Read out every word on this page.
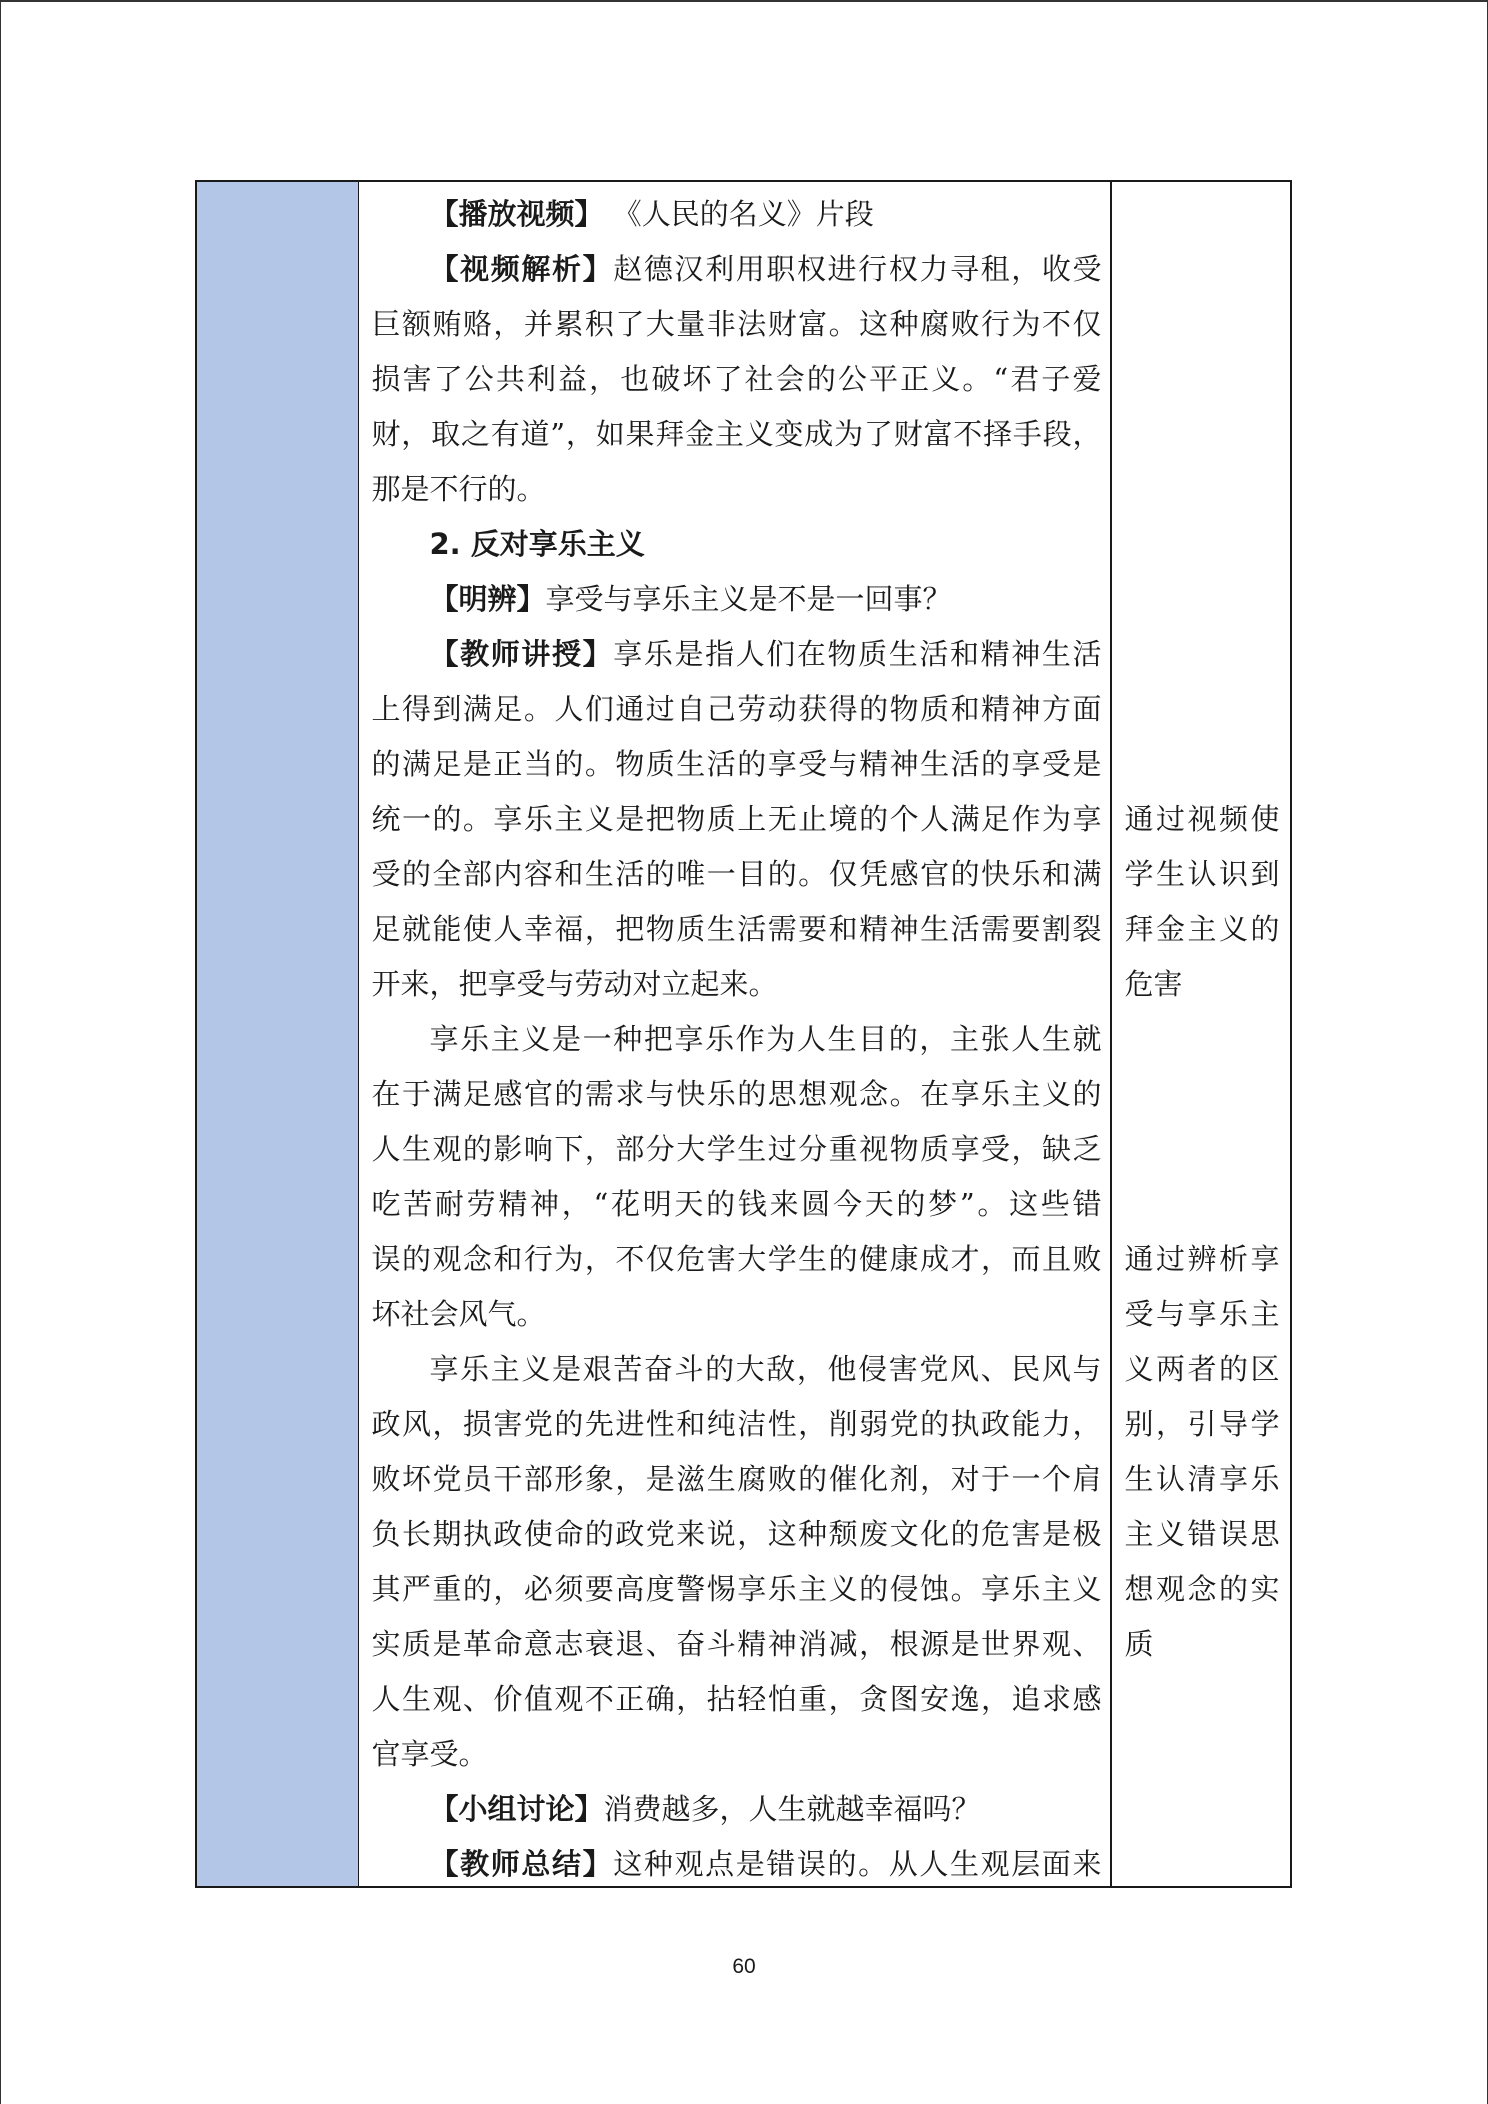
【播放视频】 《人民的名义》片段
【视频解析】赵德汉利用职权进行权力寻租，收受
巨额贿赂，并累积了大量非法财富。这种腐败行为不仅
损害了公共利益，也破坏了社会的公平正义。“君子爱
财，取之有道”，如果拜金主义变成为了财富不择手段，
那是不行的。
2. 反对享乐主义
【明辨】享受与享乐主义是不是一回事？
【教师讲授】享乐是指人们在物质生活和精神生活
上得到满足。人们通过自己劳动获得的物质和精神方面
的满足是正当的。物质生活的享受与精神生活的享受是
统一的。享乐主义是把物质上无止境的个人满足作为享
受的全部内容和生活的唯一目的。仅凭感官的快乐和满
足就能使人幸福，把物质生活需要和精神生活需要割裂
开来，把享受与劳动对立起来。
享乐主义是一种把享乐作为人生目的，主张人生就
在于满足感官的需求与快乐的思想观念。在享乐主义的
人生观的影响下，部分大学生过分重视物质享受，缺乏
吃苦耐劳精神，“花明天的钱来圆今天的梦”。这些错
误的观念和行为，不仅危害大学生的健康成才，而且败
坏社会风气。
享乐主义是艰苦奋斗的大敌，他侵害党风、民风与
政风，损害党的先进性和纯洁性，削弱党的执政能力，
败坏党员干部形象，是滋生腐败的催化剂，对于一个肩
负长期执政使命的政党来说，这种颓废文化的危害是极
其严重的，必须要高度警惕享乐主义的侵蚀。享乐主义
实质是革命意志衰退、奋斗精神消减，根源是世界观、
人生观、价值观不正确，拈轻怕重，贪图安逸，追求感
官享受。
【小组讨论】消费越多，人生就越幸福吗？
【教师总结】这种观点是错误的。从人生观层面来
通过视频使
学生认识到
拜金主义的
危害
通过辨析享
受与享乐主
义两者的区
别，引导学
生认清享乐
主义错误思
想观念的实
质
60
